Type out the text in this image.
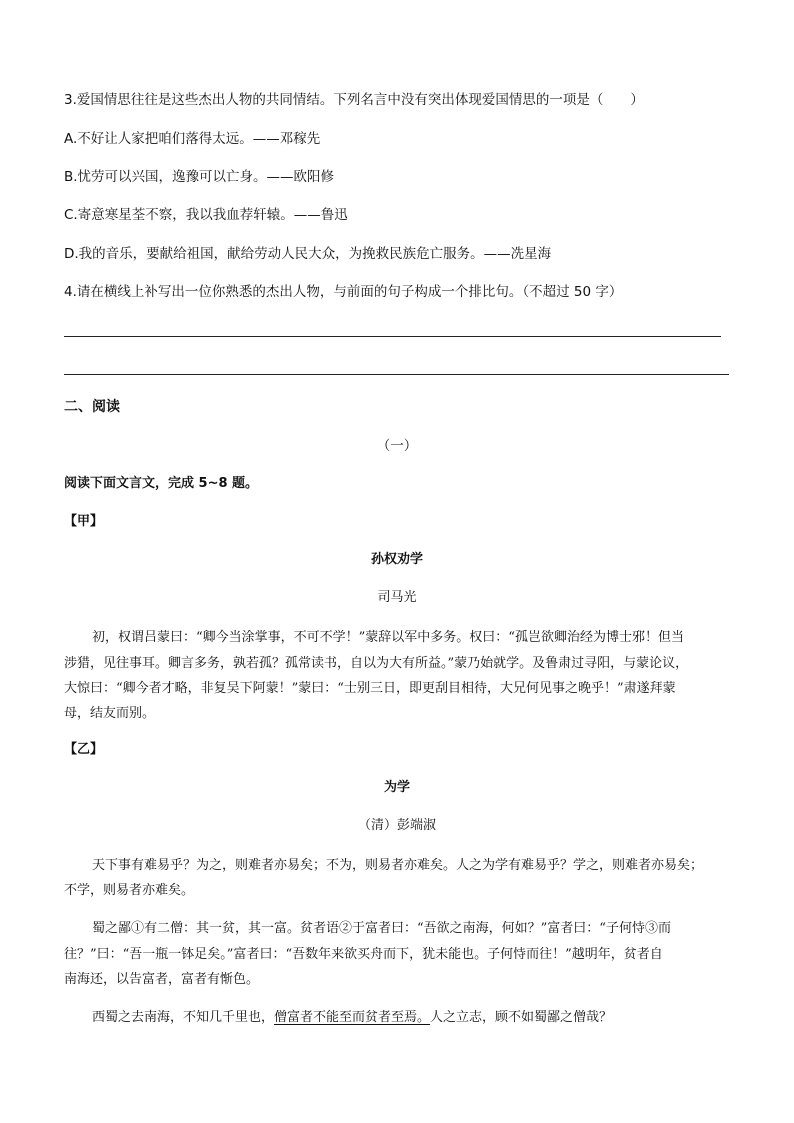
3.爱国情思往往是这些杰出人物的共同情结。下列名言中没有突出体现爱国情思的一项是（　　）
A.不好让人家把咱们落得太远。——邓稼先
B.忧劳可以兴国，逸豫可以亡身。——欧阳修
C.寄意寒星荃不察，我以我血荐轩辕。——鲁迅
D.我的音乐，要献给祖国，献给劳动人民大众，为挽救民族危亡服务。——冼星海
4.请在横线上补写出一位你熟悉的杰出人物，与前面的句子构成一个排比句。（不超过 50 字）
二、阅读
（一）
阅读下面文言文，完成 5~8 题。
【甲】
孙权劝学
司马光
初，权谓吕蒙曰：“卿今当涂掌事，不可不学！”蒙辞以军中多务。权曰：“孤岂欲卿治经为博士邪！但当
涉猎，见往事耳。卿言多务，孰若孤？孤常读书，自以为大有所益。”蒙乃始就学。及鲁肃过寻阳，与蒙论议，
大惊曰：“卿今者才略，非复吴下阿蒙！”蒙曰：“士别三日，即更刮目相待，大兄何见事之晚乎！”肃遂拜蒙
母，结友而别。
【乙】
为学
（清）彭端淑
天下事有难易乎？为之，则难者亦易矣；不为，则易者亦难矣。人之为学有难易乎？学之，则难者亦易矣；
不学，则易者亦难矣。
蜀之鄙①有二僧：其一贫，其一富。贫者语②于富者曰：“吾欲之南海，何如？”富者曰：“子何恃③而
往？”曰：“吾一瓶一钵足矣。”富者曰：“吾数年来欲买舟而下，犹未能也。子何恃而往！”越明年，贫者自
南海还，以告富者，富者有惭色。
西蜀之去南海，不知几千里也，僧富者不能至而贫者至焉。人之立志，顾不如蜀鄙之僧哉？
